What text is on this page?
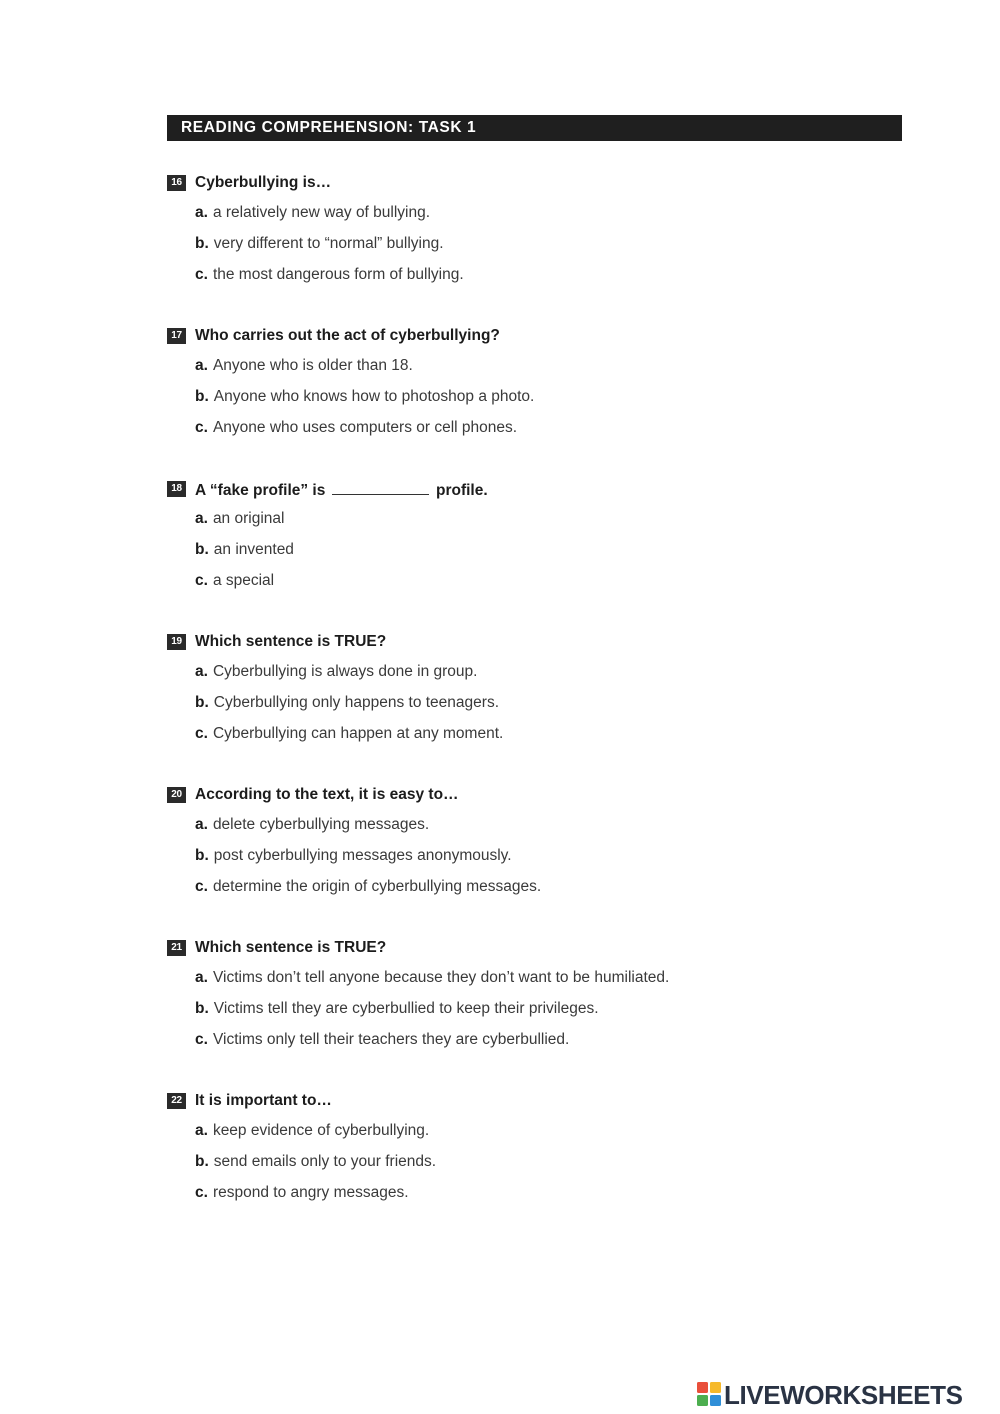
READING COMPREHENSION: TASK 1
16 Cyberbullying is…
a. a relatively new way of bullying.
b. very different to “normal” bullying.
c. the most dangerous form of bullying.
17 Who carries out the act of cyberbullying?
a. Anyone who is older than 18.
b. Anyone who knows how to photoshop a photo.
c. Anyone who uses computers or cell phones.
18 A “fake profile” is	profile.
a. an original
b. an invented
c. a special
19 Which sentence is TRUE?
a. Cyberbullying is always done in group.
b. Cyberbullying only happens to teenagers.
c. Cyberbullying can happen at any moment.
20 According to the text, it is easy to…
a. delete cyberbullying messages.
b. post cyberbullying messages anonymously.
c. determine the origin of cyberbullying messages.
21 Which sentence is TRUE?
a. Victims don’t tell anyone because they don’t want to be humiliated.
b. Victims tell they are cyberbullied to keep their privileges.
c. Victims only tell their teachers they are cyberbullied.
22 It is important to…
a. keep evidence of cyberbullying.
b. send emails only to your friends.
c. respond to angry messages.
LIVEWORKSHEETS
